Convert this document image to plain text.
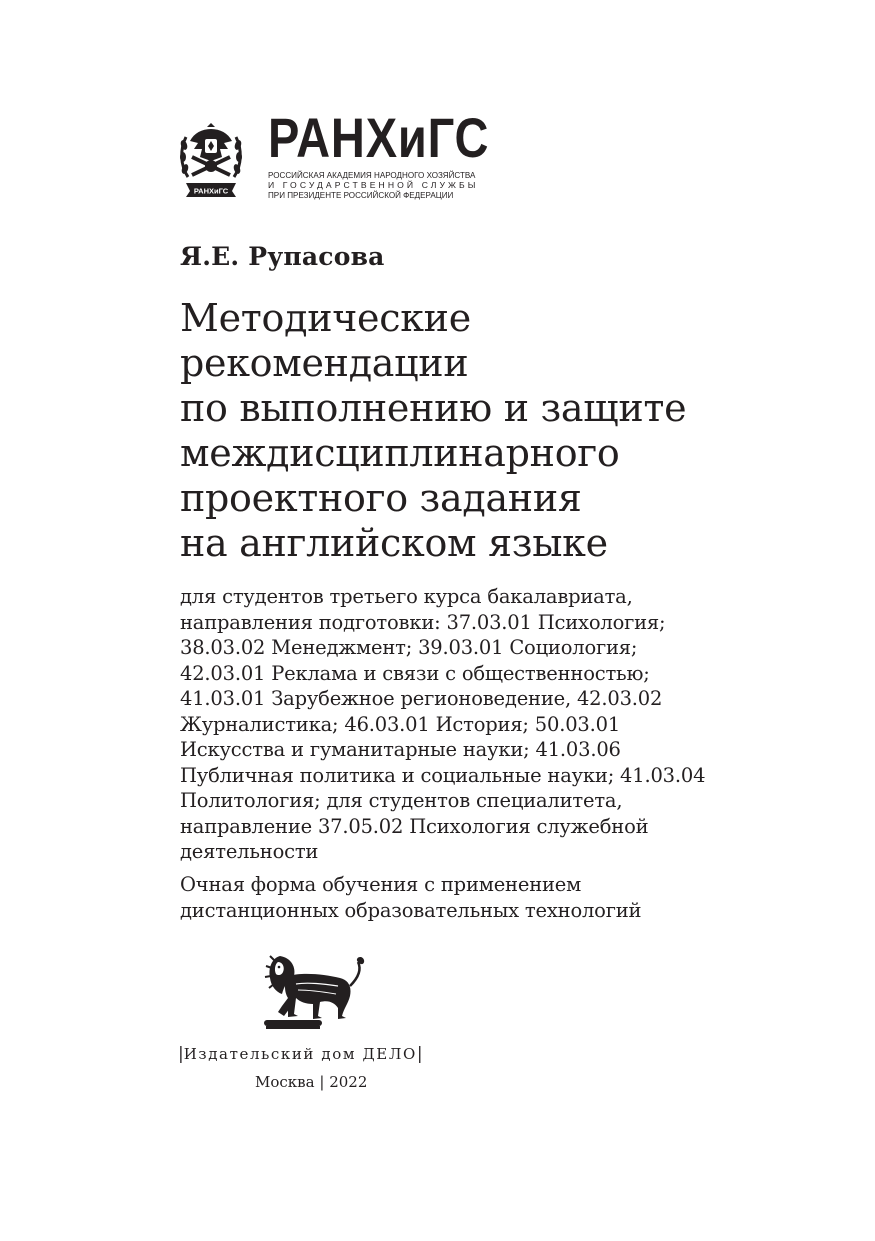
РАНХиГС
РАНХиГС
РОССИЙСКАЯ АКАДЕМИЯ НАРОДНОГО ХОЗЯЙСТВА
И ГОСУДАРСТВЕННОЙ СЛУЖБЫ
ПРИ ПРЕЗИДЕНТЕ РОССИЙСКОЙ ФЕДЕРАЦИИ
Я.Е. Рупасова
Методические
рекомендации
по выполнению и защите
междисциплинарного
проектного задания
на английском языке
для студентов третьего курса бакалавриата,
направления подготовки: 37.03.01 Психология;
38.03.02 Менеджмент; 39.03.01 Социология;
42.03.01 Реклама и связи с общественностью;
41.03.01 Зарубежное регионоведение, 42.03.02
Журналистика; 46.03.01 История; 50.03.01
Искусства и гуманитарные науки; 41.03.06
Публичная политика и социальные науки; 41.03.04
Политология; для студентов специалитета,
направление 37.05.02 Психология служебной
деятельности
Очная форма обучения с применением
дистанционных образовательных технологий
|Издательский дом ДЕЛО|
Москва | 2022
